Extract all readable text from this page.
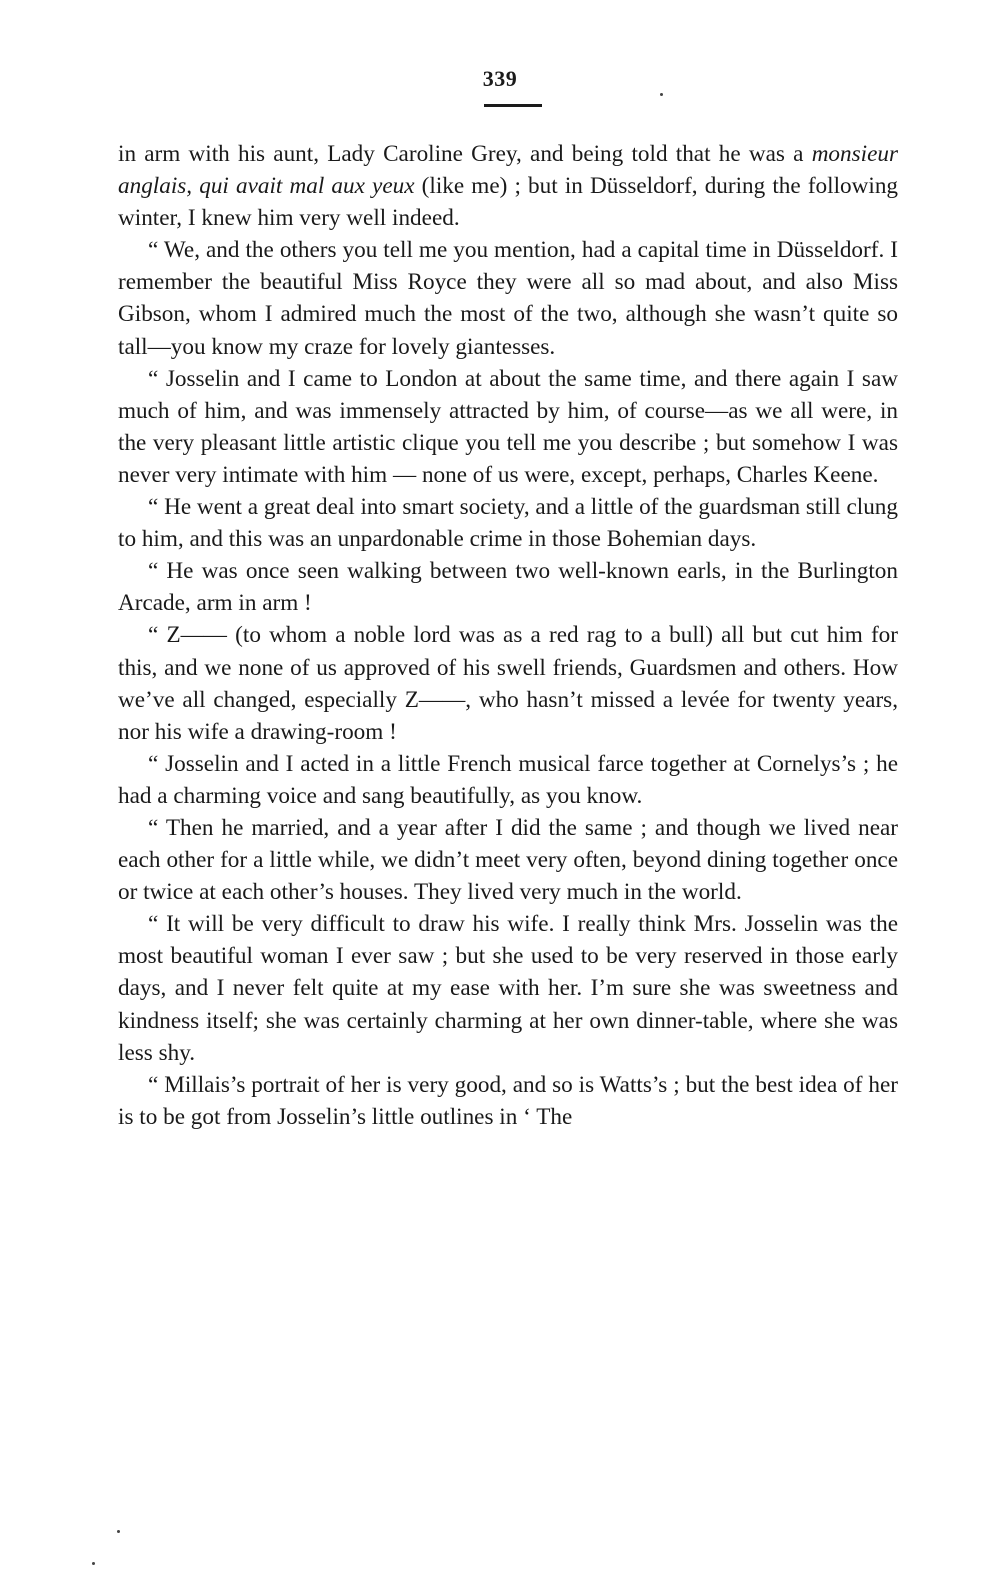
339

in arm with his aunt, Lady Caroline Grey, and being told that he was a monsieur anglais, qui avait mal aux yeux (like me) ; but in Düsseldorf, during the following winter, I knew him very well indeed.

“ We, and the others you tell me you mention, had a capital time in Düsseldorf. I remember the beautiful Miss Royce they were all so mad about, and also Miss Gibson, whom I admired much the most of the two, although she wasn’t quite so tall—you know my craze for lovely giantesses.

“ Josselin and I came to London at about the same time, and there again I saw much of him, and was immensely attracted by him, of course—as we all were, in the very pleasant little artistic clique you tell me you describe ; but somehow I was never very intimate with him — none of us were, except, perhaps, Charles Keene.

“ He went a great deal into smart society, and a little of the guardsman still clung to him, and this was an unpardonable crime in those Bohemian days.

“ He was once seen walking between two well-known earls, in the Burlington Arcade, arm in arm !

“ Z—— (to whom a noble lord was as a red rag to a bull) all but cut him for this, and we none of us approved of his swell friends, Guardsmen and others. How we’ve all changed, especially Z——, who hasn’t missed a levée for twenty years, nor his wife a drawing-room !

“ Josselin and I acted in a little French musical farce together at Cornelys’s ; he had a charming voice and sang beautifully, as you know.

“ Then he married, and a year after I did the same ; and though we lived near each other for a little while, we didn’t meet very often, beyond dining together once or twice at each other’s houses. They lived very much in the world.

“ It will be very difficult to draw his wife. I really think Mrs. Josselin was the most beautiful woman I ever saw ; but she used to be very reserved in those early days, and I never felt quite at my ease with her. I’m sure she was sweetness and kindness itself; she was certainly charming at her own dinner-table, where she was less shy.

“ Millais’s portrait of her is very good, and so is Watts’s ; but the best idea of her is to be got from Josselin’s little outlines in ‘ The
